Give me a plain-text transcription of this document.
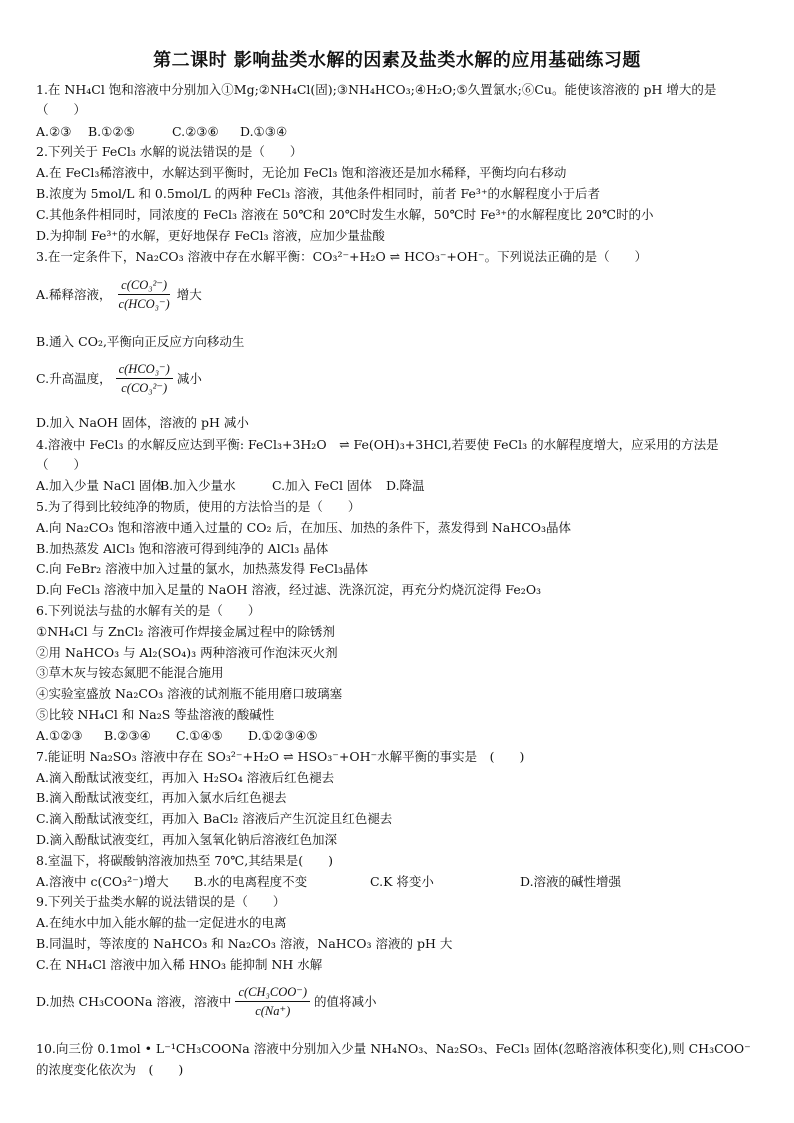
第二课时 影响盐类水解的因素及盐类水解的应用基础练习题
1.在 NH₄Cl 饱和溶液中分别加入①Mg;②NH₄Cl(固);③NH₄HCO₃;④H₂O;⑤久置氯水;⑥Cu。能使该溶液的 pH 增大的是
（　　）
A.②③ B.①②⑤	C.②③⑥ D.①③④
2.下列关于 FeCl₃ 水解的说法错误的是（　　）
A.在 FeCl₃稀溶液中，水解达到平衡时，无论加 FeCl₃ 饱和溶液还是加水稀释，平衡均向右移动
B.浓度为 5mol/L 和 0.5mol/L 的两种 FeCl₃ 溶液，其他条件相同时，前者 Fe³⁺的水解程度小于后者
C.其他条件相同时，同浓度的 FeCl₃ 溶液在 50℃和 20℃时发生水解，50℃时 Fe³⁺的水解程度比 20℃时的小
D.为抑制 Fe³⁺的水解，更好地保存 FeCl₃ 溶液，应加少量盐酸
3.在一定条件下，Na₂CO₃ 溶液中存在水解平衡：CO₃²⁻+H₂O ⇌ HCO₃⁻+OH⁻。下列说法正确的是（　　）
A.稀释溶液， $\frac{\text{c(CO₃²⁻)}}{\text{c(HCO₃⁻)}}$ 增大
B.通入 CO₂,平衡向正反应方向移动生
C.升高温度， $\frac{\text{c(HCO₃⁻)}}{\text{c(CO₃²⁻)}}$ 减小
D.加入 NaOH 固体，溶液的 pH 减小
4.溶液中 FeCl₃ 的水解反应达到平衡: FeCl₃+3H₂O　⇌ Fe(OH)₃+3HCl,若要使 FeCl₃ 的水解程度增大，应采用的方法是
（　　）
A.加入少量 NaCl 固体B.加入少量水	C.加入 FeCl 固体 D.降温
5.为了得到比较纯净的物质，使用的方法恰当的是（　　）
A.向 Na₂CO₃ 饱和溶液中通入过量的 CO₂ 后，在加压、加热的条件下，蒸发得到 NaHCO₃晶体
B.加热蒸发 AlCl₃ 饱和溶液可得到纯净的 AlCl₃ 晶体
C.向 FeBr₂ 溶液中加入过量的氯水，加热蒸发得 FeCl₃晶体
D.向 FeCl₃ 溶液中加入足量的 NaOH 溶液，经过滤、洗涤沉淀，再充分灼烧沉淀得 Fe₂O₃
6.下列说法与盐的水解有关的是（　　）
①NH₄Cl 与 ZnCl₂ 溶液可作焊接金属过程中的除锈剂
②用 NaHCO₃ 与 Al₂(SO₄)₃ 两种溶液可作泡沫灭火剂
③草木灰与铵态氮肥不能混合施用
④实验室盛放 Na₂CO₃ 溶液的试剂瓶不能用磨口玻璃塞
⑤比较 NH₄Cl 和 Na₂S 等盐溶液的酸碱性
A.①②③ B.②③④ C.①④⑤ D.①②③④⑤
7.能证明 Na₂SO₃ 溶液中存在 SO₃²⁻+H₂O ⇌ HSO₃⁻+OH⁻水解平衡的事实是　(　　)
A.滴入酚酞试液变红，再加入 H₂SO₄ 溶液后红色褪去
B.滴入酚酞试液变红，再加入氯水后红色褪去
C.滴入酚酞试液变红，再加入 BaCl₂ 溶液后产生沉淀且红色褪去
D.滴入酚酞试液变红，再加入氢氧化钠后溶液红色加深
8.室温下，将碳酸钠溶液加热至 70℃,其结果是(　　)
A.溶液中 c(CO₃²⁻)增大 B.水的电离程度不变	C.K 将变小	D.溶液的碱性增强
9.下列关于盐类水解的说法错误的是（　　）
A.在纯水中加入能水解的盐一定促进水的电离
B.同温时，等浓度的 NaHCO₃ 和 Na₂CO₃ 溶液，NaHCO₃ 溶液的 pH 大
C.在 NH₄Cl 溶液中加入稀 HNO₃ 能抑制 NH 水解
D.加热 CH₃COONa 溶液，溶液中 $\frac{\text{c(CH₃COO⁻)}}{c(Na^+)}$ 的值将减小
10.向三份 0.1mol • L⁻¹CH₃COONa 溶液中分别加入少量 NH₄NO₃、Na₂SO₃、FeCl₃ 固体(忽略溶液体积变化),则 CH₃COO⁻
的浓度变化依次为　(　　)
